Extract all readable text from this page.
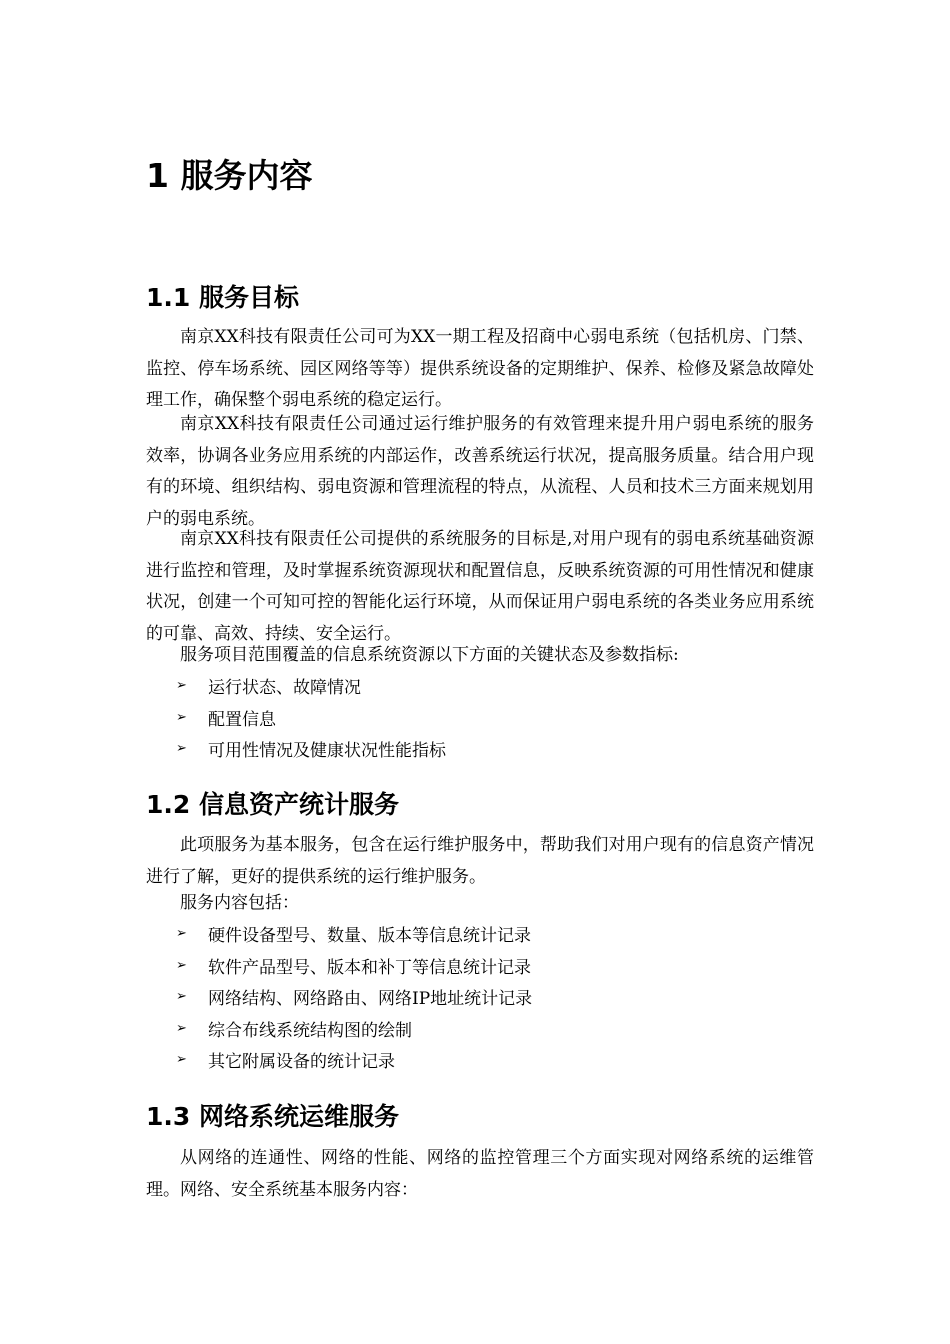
1 服务内容
1.1 服务目标

南京XX科技有限责任公司可为XX一期工程及招商中心弱电系统（包括机房、门禁、监控、停车场系统、园区网络等等）提供系统设备的定期维护、保养、检修及紧急故障处理工作，确保整个弱电系统的稳定运行。

南京XX科技有限责任公司通过运行维护服务的有效管理来提升用户弱电系统的服务效率，协调各业务应用系统的内部运作，改善系统运行状况，提高服务质量。结合用户现有的环境、组织结构、弱电资源和管理流程的特点，从流程、人员和技术三方面来规划用户的弱电系统。

南京XX科技有限责任公司提供的系统服务的目标是,对用户现有的弱电系统基础资源进行监控和管理，及时掌握系统资源现状和配置信息，反映系统资源的可用性情况和健康状况，创建一个可知可控的智能化运行环境，从而保证用户弱电系统的各类业务应用系统的可靠、高效、持续、安全运行。

服务项目范围覆盖的信息系统资源以下方面的关键状态及参数指标:

➢	运行状态、故障情况
➢	配置信息
➢	可用性情况及健康状况性能指标
1.2 信息资产统计服务

此项服务为基本服务，包含在运行维护服务中，帮助我们对用户现有的信息资产情况进行了解，更好的提供系统的运行维护服务。

服务内容包括：

➢	硬件设备型号、数量、版本等信息统计记录
➢	软件产品型号、版本和补丁等信息统计记录
➢	网络结构、网络路由、网络IP地址统计记录
➢	综合布线系统结构图的绘制
➢	其它附属设备的统计记录
1.3 网络系统运维服务

从网络的连通性、网络的性能、网络的监控管理三个方面实现对网络系统的运维管理。网络、安全系统基本服务内容：
